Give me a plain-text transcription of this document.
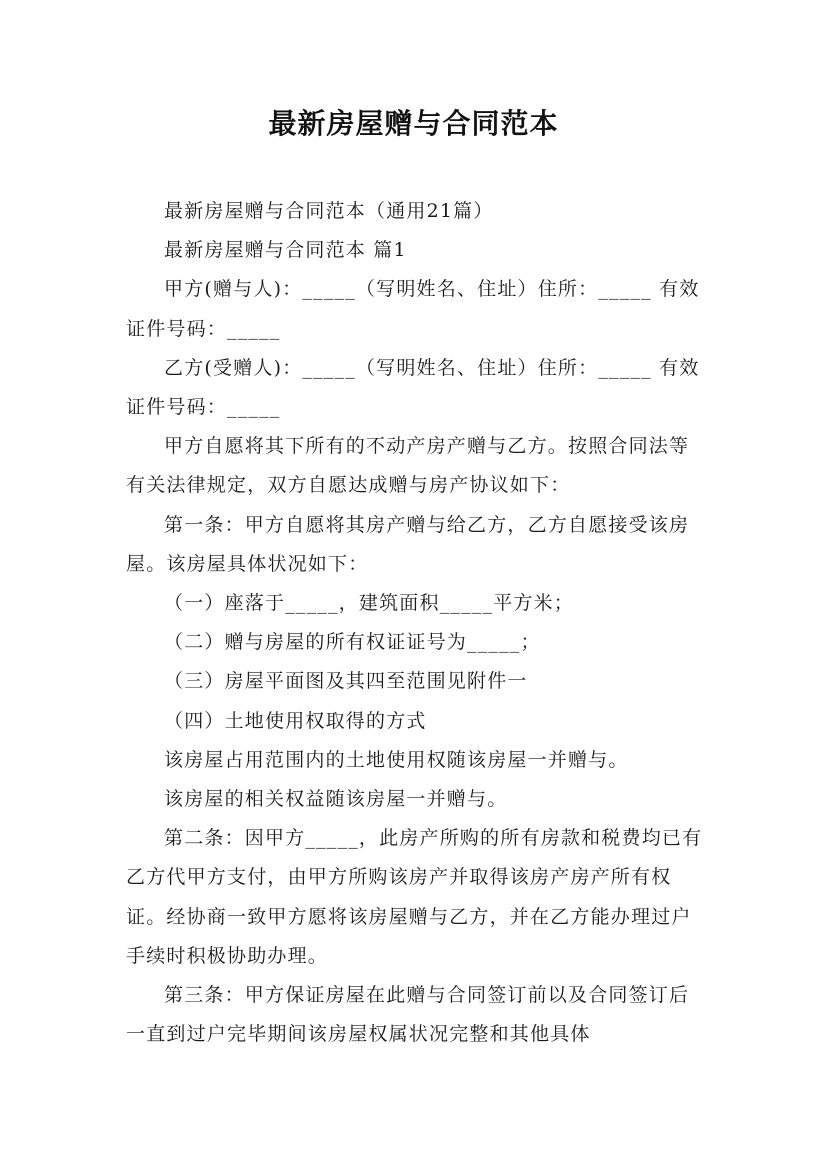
最新房屋赠与合同范本

最新房屋赠与合同范本（通用21篇）

最新房屋赠与合同范本 篇1

甲方(赠与人)：_____（写明姓名、住址）住所：_____ 有效证件号码：_____

乙方(受赠人)：_____（写明姓名、住址）住所：_____ 有效证件号码：_____

甲方自愿将其下所有的不动产房产赠与乙方。按照合同法等有关法律规定，双方自愿达成赠与房产协议如下：

第一条：甲方自愿将其房产赠与给乙方，乙方自愿接受该房屋。该房屋具体状况如下：

（一）座落于_____，建筑面积_____平方米；

（二）赠与房屋的所有权证证号为_____；

（三）房屋平面图及其四至范围见附件一

（四）土地使用权取得的方式

该房屋占用范围内的土地使用权随该房屋一并赠与。

该房屋的相关权益随该房屋一并赠与。

第二条：因甲方_____，此房产所购的所有房款和税费均已有乙方代甲方支付，由甲方所购该房产并取得该房产房产所有权证。经协商一致甲方愿将该房屋赠与乙方，并在乙方能办理过户手续时积极协助办理。

第三条：甲方保证房屋在此赠与合同签订前以及合同签订后一直到过户完毕期间该房屋权属状况完整和其他具体
